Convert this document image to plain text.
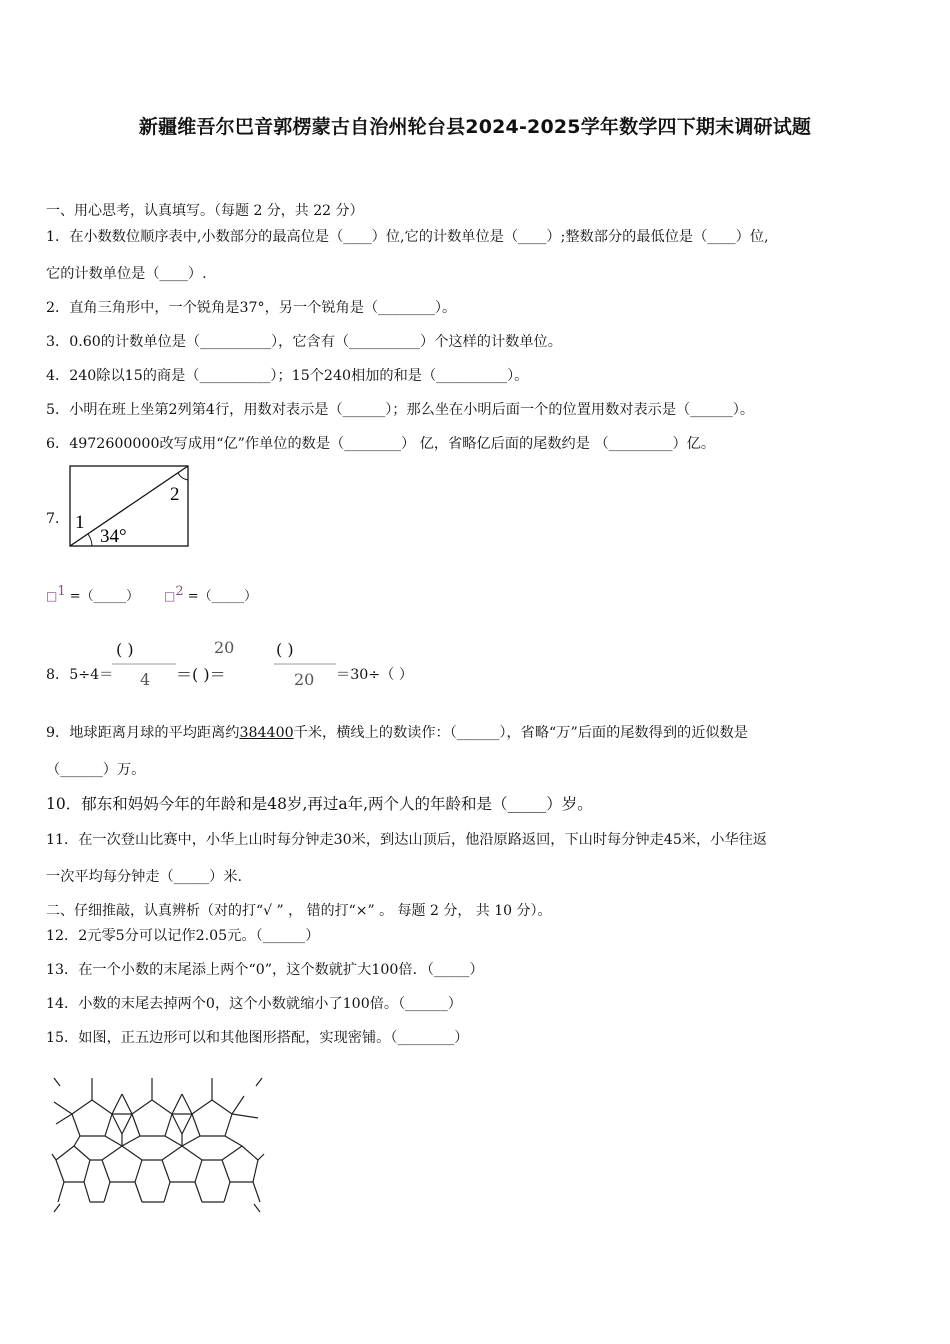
新疆维吾尔巴音郭楞蒙古自治州轮台县2024-2025学年数学四下期末调研试题
一、用心思考，认真填写。（每题 2 分，共 22 分）
1．在小数数位顺序表中,小数部分的最高位是（____）位,它的计数单位是（____）;整数部分的最低位是（____）位,
它的计数单位是（____）.
2．直角三角形中，一个锐角是37°，另一个锐角是（________）。
3．0.60的计数单位是（__________），它含有（__________）个这样的计数单位。
4．240除以15的商是（__________）；15个240相加的和是（__________）。
5．小明在班上坐第2列第4行，用数对表示是（______）；那么坐在小明后面一个的位置用数对表示是（______）。
6．4972600000改写成用“亿”作单位的数是（________） 亿，省略亿后面的尾数约是 （_________）亿。
7．
2
1
34°
□1 =（_____） □2 =（_____）
8．5÷4＝
( )
4 ＝( )＝
20	( )
20 ＝30÷（ ）
9．地球距离月球的平均距离约384400千米，横线上的数读作：（______），省略“万”后面的尾数得到的近似数是
（______）万。
10．郁东和妈妈今年的年龄和是48岁,再过a年,两个人的年龄和是（_____）岁。
11．在一次登山比赛中，小华上山时每分钟走30米，到达山顶后，他沿原路返回，下山时每分钟走45米，小华往返
一次平均每分钟走（_____）米.
二、仔细推敲，认真辨析（对的打“√ ” ， 错的打“×” 。 每题 2 分， 共 10 分）。
12．2元零5分可以记作2.05元。（______）
13．在一个小数的末尾添上两个“0”，这个数就扩大100倍．（_____）
14．小数的末尾去掉两个0，这个小数就缩小了100倍。（______）
15．如图，正五边形可以和其他图形搭配，实现密铺。（________）
